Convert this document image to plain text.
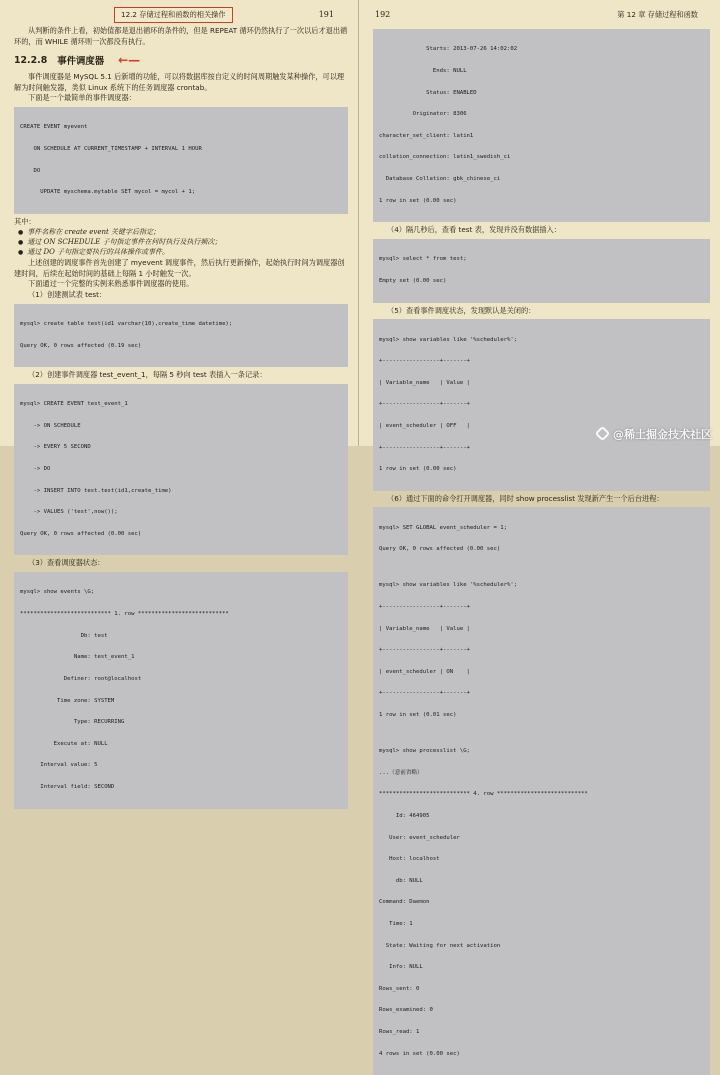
12.2 存储过程和函数的相关操作	191

从判断的条件上看，初始值都是退出循环的条件的，但是 REPEAT 循环仍然执行了一次以后才退出循环的，而 WHILE 循环则一次都没有执行。

12.2.8 事件调度器 ←—

事件调度器是 MySQL 5.1 后新增的功能，可以将数据库按自定义的时间周期触发某种操作，可以理解为时间触发器，类似 Linux 系统下的任务调度器 crontab。

下面是一个最简单的事件调度器：

CREATE EVENT myevent

ON SCHEDULE AT CURRENT_TIMESTAMP + INTERVAL 1 HOUR

DO

UPDATE myschema.mytable SET mycol = mycol + 1;

其中：

● 事件名称在 create event 关键字后指定；
● 通过 ON SCHEDULE 子句指定事件在何时执行及执行频次；
● 通过 DO 子句指定要执行的具体操作或事件。

上述创建的调度事件首先创建了 myevent 调度事件，然后执行更新操作，起始执行时间为调度器创建时间，后续在起始时间的基础上每隔 1 小时触发一次。

下面通过一个完整的实例来熟悉事件调度器的使用。

（1）创建测试表 test：

mysql> create table test(id1 varchar(10),create_time datetime);

Query OK, 0 rows affected (0.19 sec)

（2）创建事件调度器 test_event_1，每隔 5 秒向 test 表插入一条记录：

mysql> CREATE EVENT test_event_1

-> ON SCHEDULE

-> EVERY 5 SECOND

-> DO

-> INSERT INTO test.test(id1,create_time)

-> VALUES ('test',now());

Query OK, 0 rows affected (0.00 sec)

（3）查看调度器状态：

mysql> show events \G;

*************************** 1. row ***************************

Db: test

Name: test_event_1

Definer: root@localhost

Time zone: SYSTEM

Type: RECURRING

Execute at: NULL

Interval value: 5

Interval field: SECOND

192	第 12 章 存储过程和函数

Starts: 2013-07-26 14:02:02

Ends: NULL

Status: ENABLED

Originator: 8306

character_set_client: latin1

collation_connection: latin1_swedish_ci

Database Collation: gbk_chinese_ci

1 row in set (0.00 sec)

（4）隔几秒后，查看 test 表，发现并没有数据插入：

mysql> select * from test;

Empty set (0.00 sec)

（5）查看事件调度状态，发现默认是关闭的：

mysql> show variables like '%scheduler%';

+-----------------+-------+

| Variable_name   | Value |

+-----------------+-------+

| event_scheduler | OFF   |

+-----------------+-------+

1 row in set (0.00 sec)

（6）通过下面的命令打开调度器，同时 show processlist 发现新产生一个后台进程：

mysql> SET GLOBAL event_scheduler = 1;

Query OK, 0 rows affected (0.00 sec)

mysql> show variables like '%scheduler%';

+-----------------+-------+

| Variable_name   | Value |

+-----------------+-------+

| event_scheduler | ON    |

+-----------------+-------+

1 row in set (0.01 sec)

mysql> show processlist \G;

...（意前省略）

*************************** 4. row ***************************

Id: 464905

User: event_scheduler

Host: localhost

db: NULL

Command: Daemon

Time: 1

State: Waiting for next activation

Info: NULL

Rows_sent: 0

Rows_examined: 0

Rows_read: 1

4 rows in set (0.00 sec)

@稀土掘金技术社区
